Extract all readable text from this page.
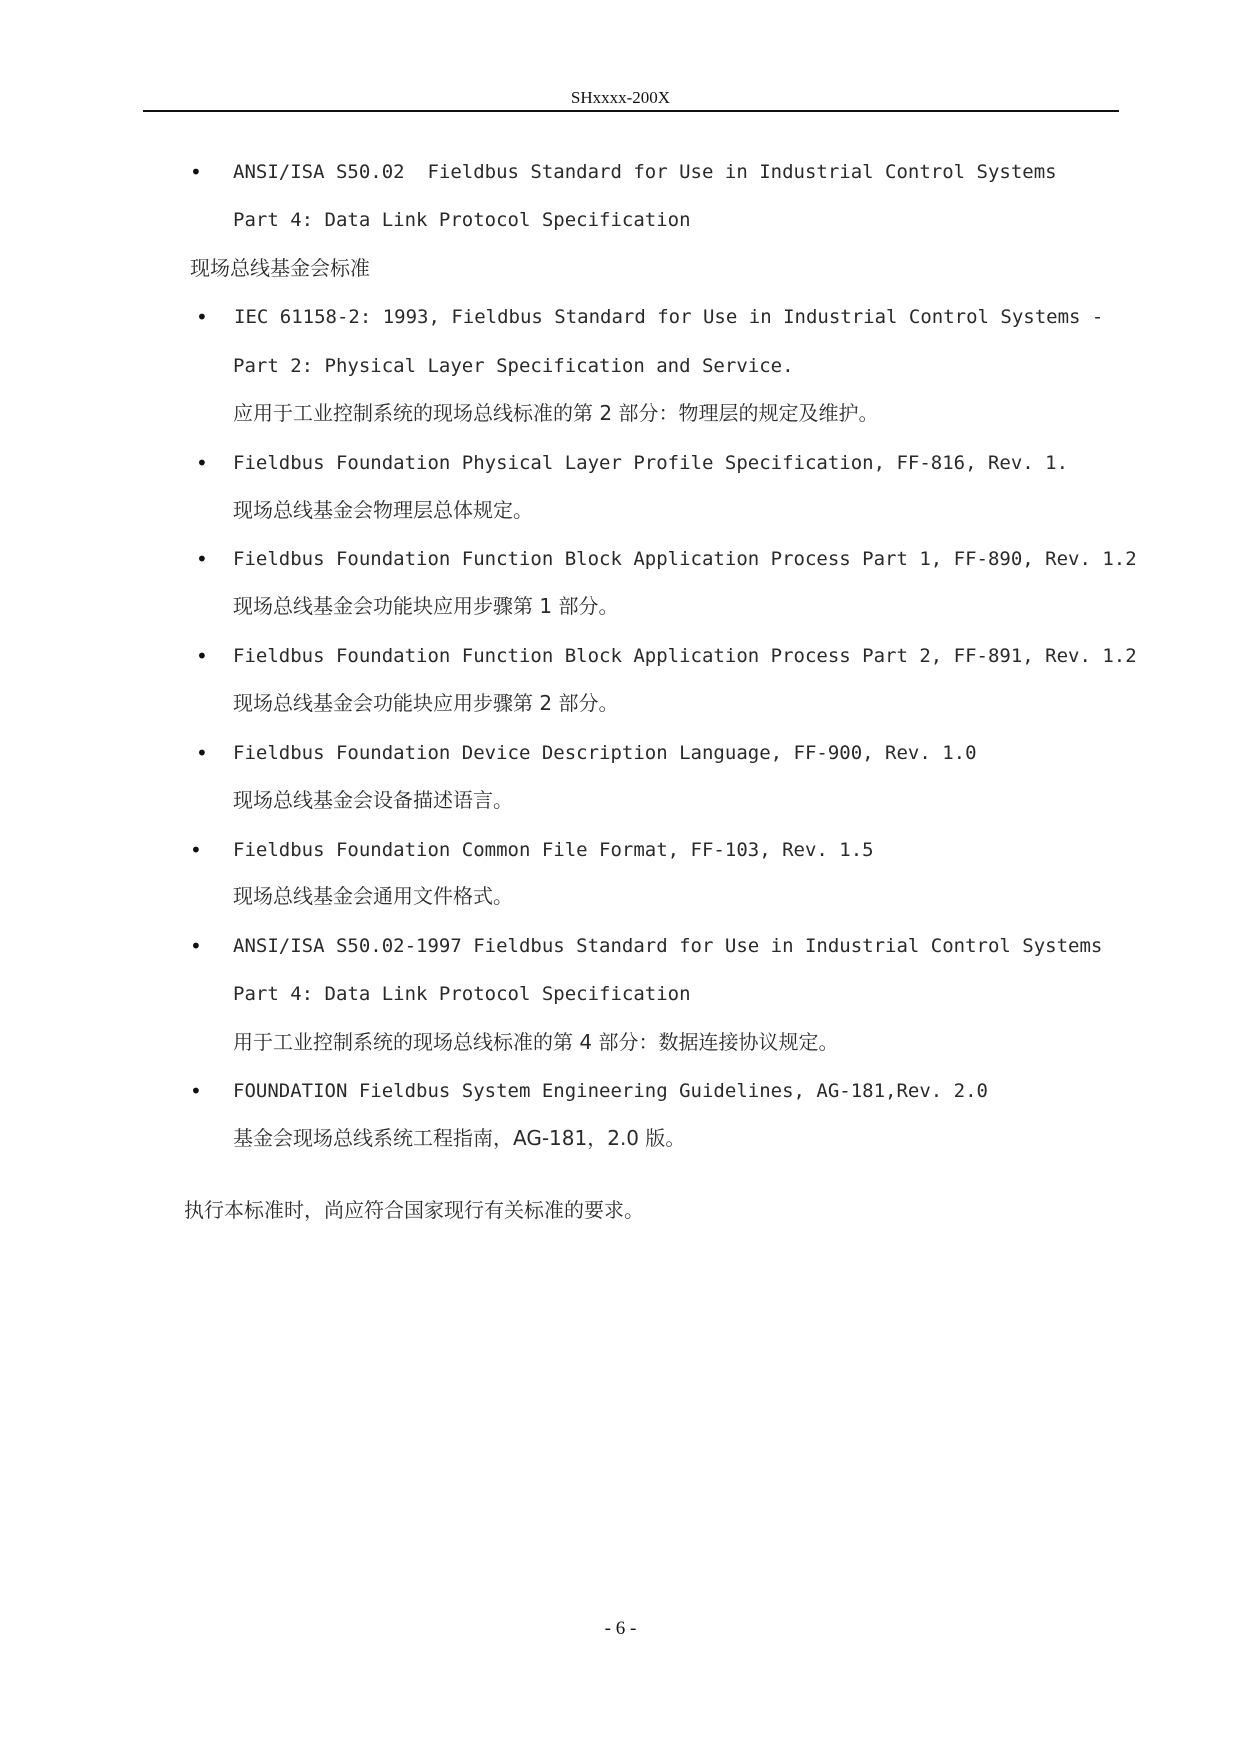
SHxxxx-200X
• ANSI/ISA S50.02  Fieldbus Standard for Use in Industrial Control Systems
Part 4: Data Link Protocol Specification
现场总线基金会标准
• IEC 61158-2: 1993, Fieldbus Standard for Use in Industrial Control Systems -
Part 2: Physical Layer Specification and Service.
应用于工业控制系统的现场总线标准的第 2 部分：物理层的规定及维护。
• Fieldbus Foundation Physical Layer Profile Specification, FF-816, Rev. 1.
现场总线基金会物理层总体规定。
• Fieldbus Foundation Function Block Application Process Part 1, FF-890, Rev. 1.2
现场总线基金会功能块应用步骤第 1 部分。
• Fieldbus Foundation Function Block Application Process Part 2, FF-891, Rev. 1.2
现场总线基金会功能块应用步骤第 2 部分。
• Fieldbus Foundation Device Description Language, FF-900, Rev. 1.0
现场总线基金会设备描述语言。
• Fieldbus Foundation Common File Format, FF-103, Rev. 1.5
现场总线基金会通用文件格式。
• ANSI/ISA S50.02-1997 Fieldbus Standard for Use in Industrial Control Systems
Part 4: Data Link Protocol Specification
用于工业控制系统的现场总线标准的第 4 部分：数据连接协议规定。
• FOUNDATION Fieldbus System Engineering Guidelines, AG-181,Rev. 2.0
基金会现场总线系统工程指南，AG-181，2.0 版。
执行本标准时，尚应符合国家现行有关标准的要求。
- 6 -
